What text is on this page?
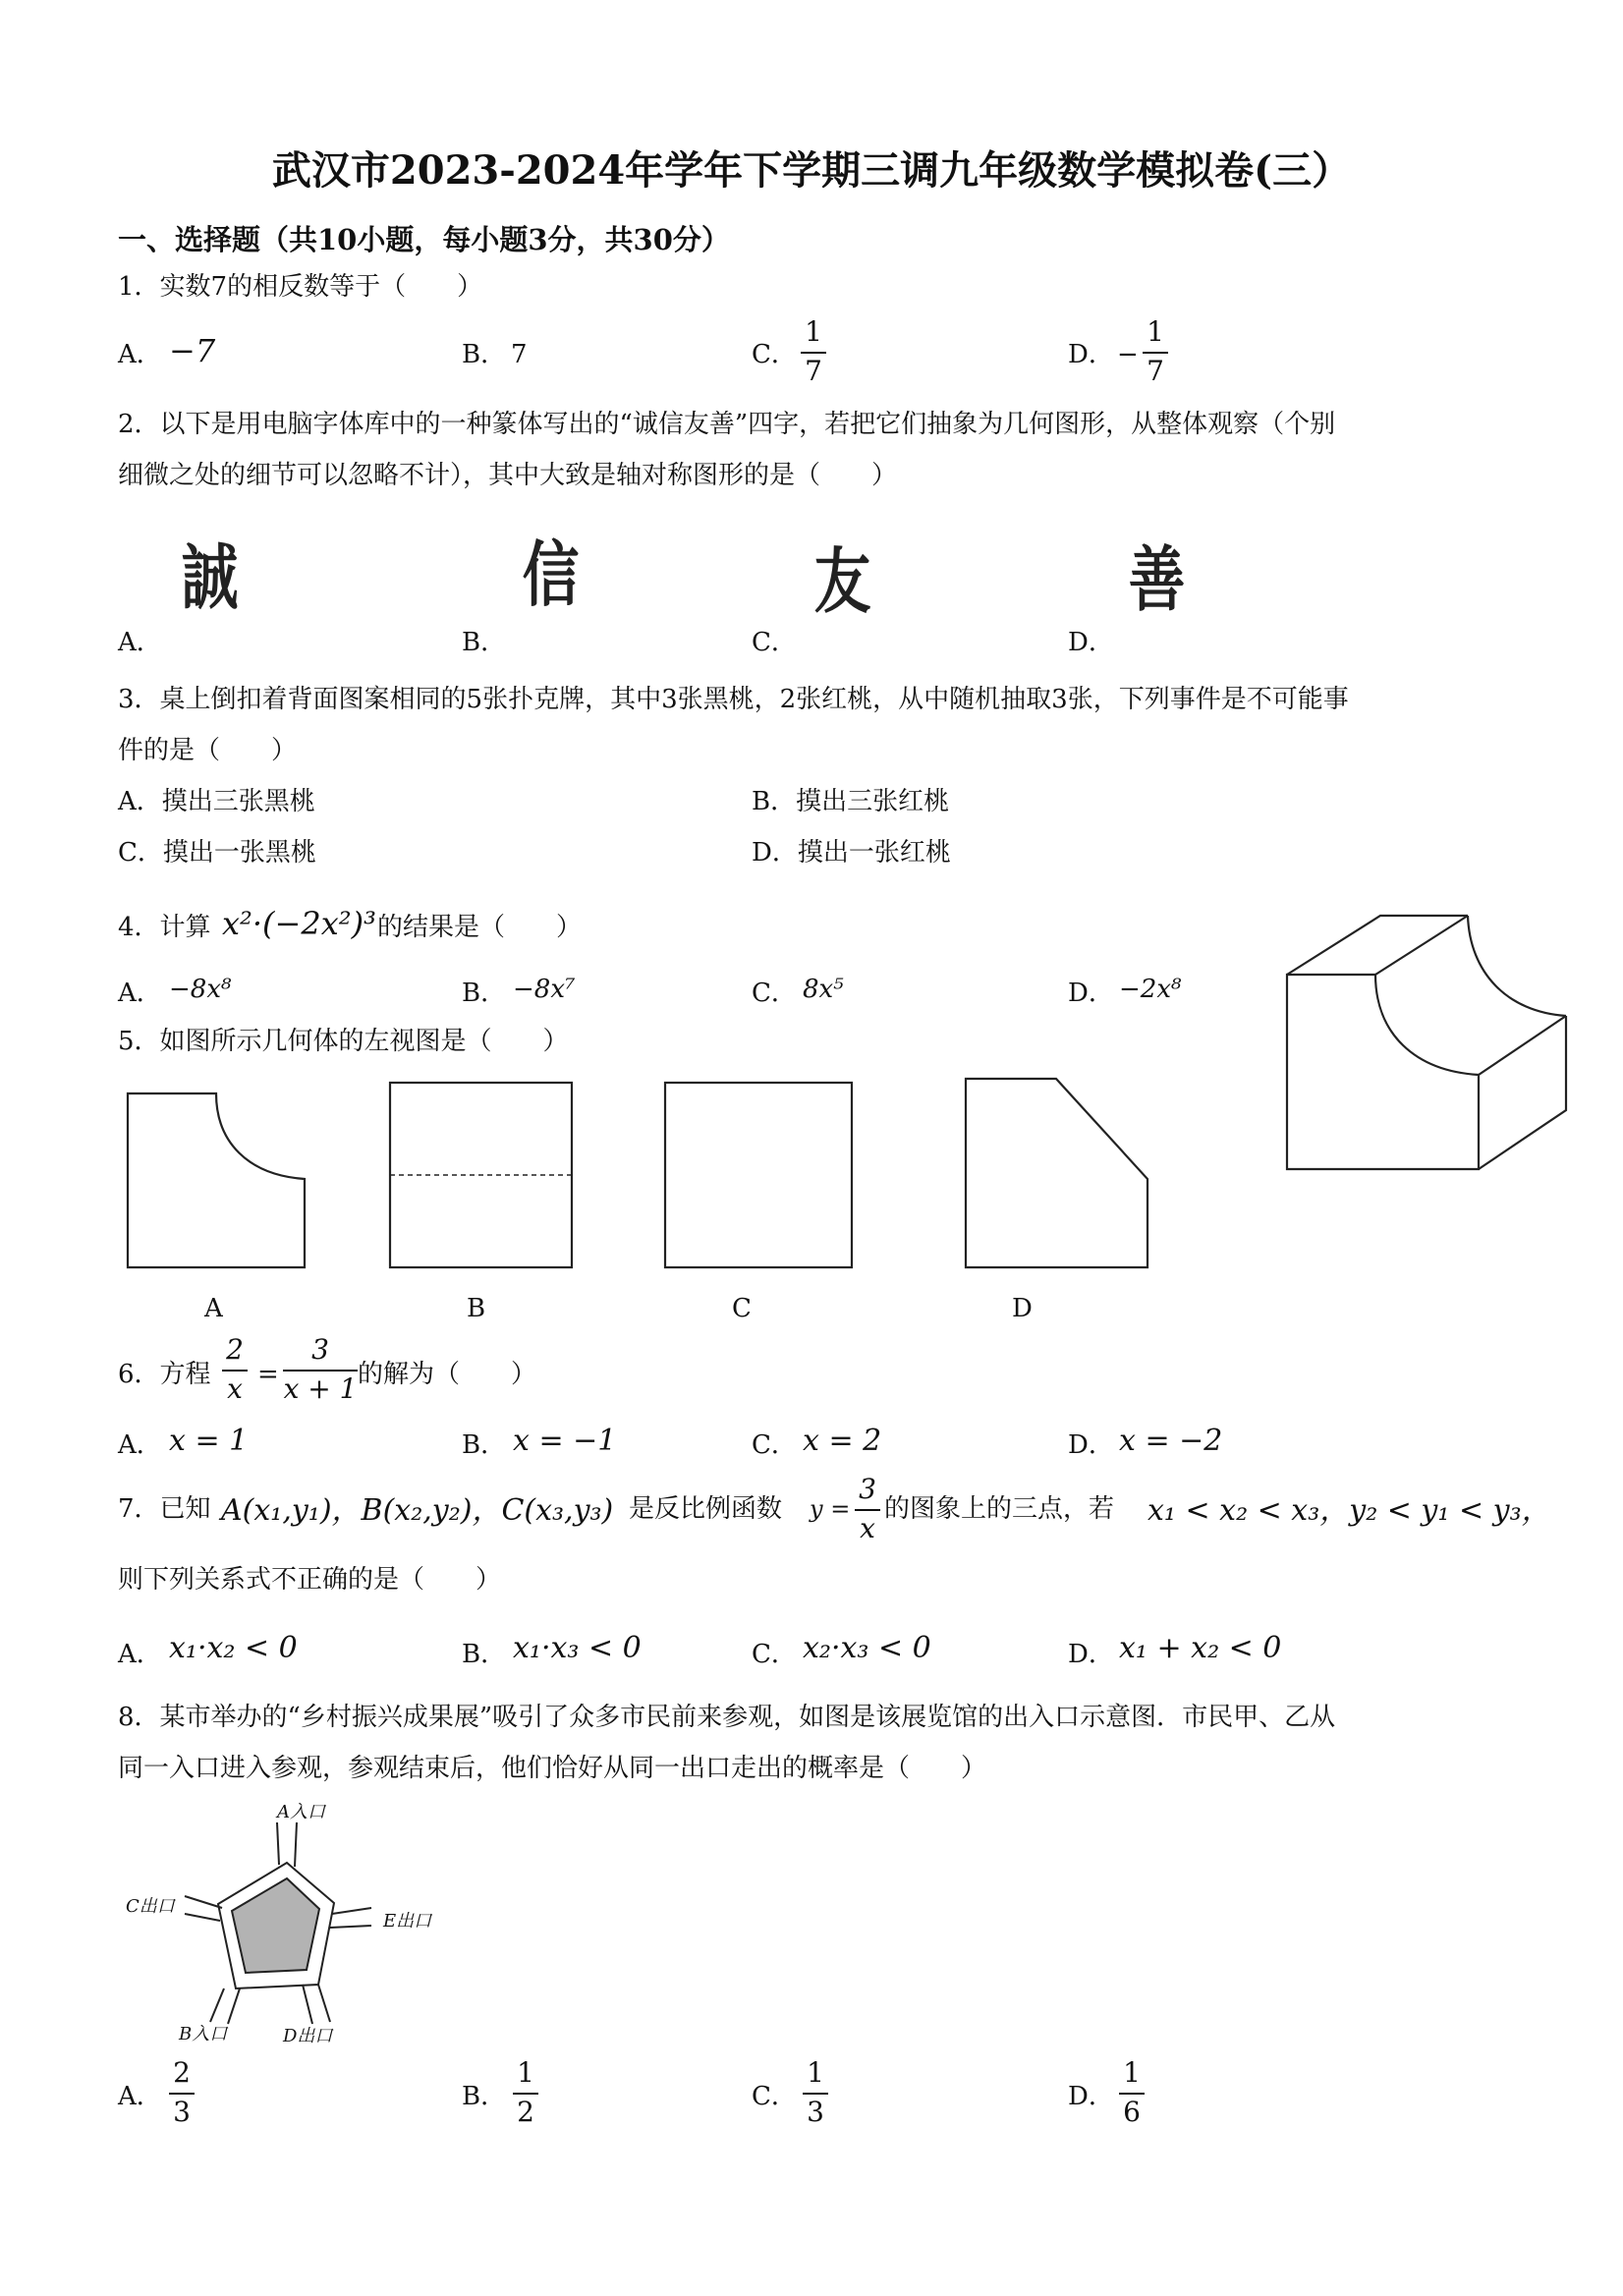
武汉市2023-2024年学年下学期三调九年级数学模拟卷(三）
一、选择题（共10小题，每小题3分，共30分）
1．实数7的相反数等于（　　）
A． −7	B． 7	C．
1
7	D． −
1
7
2．以下是用电脑字体库中的一种篆体写出的“诚信友善”四字，若把它们抽象为几何图形，从整体观察（个别
细微之处的细节可以忽略不计），其中大致是轴对称图形的是（　　）
A．
誠
B．
信
C．
友
D．
善
3．桌上倒扣着背面图案相同的5张扑克牌，其中3张黑桃，2张红桃，从中随机抽取3张，下列事件是不可能事
件的是（　　）
A．摸出三张黑桃	B．摸出三张红桃
C．摸出一张黑桃	D．摸出一张红桃
4．计算 x²·(−2x²)³ 的结果是（　　）
A． −8x⁸	B． −8x⁷	C． 8x⁵	D． −2x⁸
5．如图所示几何体的左视图是（　　）
A	B	C	D
6．方程
2
x =
3
x + 1 的解为（　　）
A． x = 1	B． x = −1	C． x = 2	D． x = −2
7．已知 A(x₁,y₁)，B(x₂,y₂)，C(x₃,y₃) 是反比例函数 y =
3
x
的图象上的三点，若 x₁ < x₂ < x₃，y₂ < y₁ < y₃，
则下列关系式不正确的是（　　）
A． x₁·x₂ < 0	B． x₁·x₃ < 0	C． x₂·x₃ < 0	D． x₁ + x₂ < 0
8．某市举办的“乡村振兴成果展”吸引了众多市民前来参观，如图是该展览馆的出入口示意图．市民甲、乙从
同一入口进入参观，参观结束后，他们恰好从同一出口走出的概率是（　　）
A入口
C出口
E出口
B入口	D出口
A．
2
3	B．
1
2	C．
1
3	D．
1
6
